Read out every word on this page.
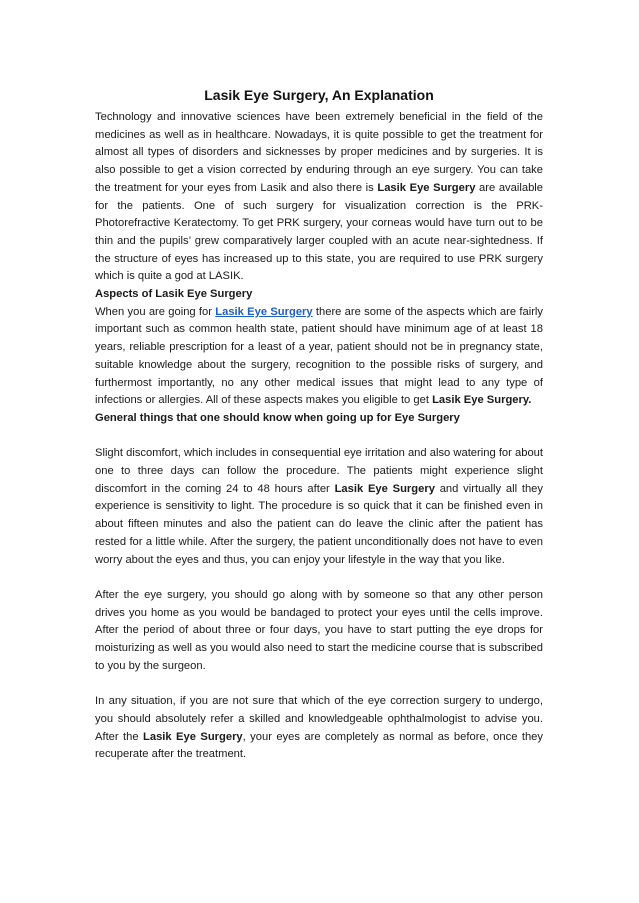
Lasik Eye Surgery, An Explanation

Technology and innovative sciences have been extremely beneficial in the field of the medicines as well as in healthcare. Nowadays, it is quite possible to get the treatment for almost all types of disorders and sicknesses by proper medicines and by surgeries. It is also possible to get a vision corrected by enduring through an eye surgery. You can take the treatment for your eyes from Lasik and also there is Lasik Eye Surgery are available for the patients. One of such surgery for visualization correction is the PRK- Photorefractive Keratectomy. To get PRK surgery, your corneas would have turn out to be thin and the pupils’ grew comparatively larger coupled with an acute near-sightedness. If the structure of eyes has increased up to this state, you are required to use PRK surgery which is quite a god at LASIK.

Aspects of Lasik Eye Surgery

When you are going for Lasik Eye Surgery there are some of the aspects which are fairly important such as common health state, patient should have minimum age of at least 18 years, reliable prescription for a least of a year, patient should not be in pregnancy state, suitable knowledge about the surgery, recognition to the possible risks of surgery, and furthermost importantly, no any other medical issues that might lead to any type of infections or allergies. All of these aspects makes you eligible to get Lasik Eye Surgery.

General things that one should know when going up for Eye Surgery

Slight discomfort, which includes in consequential eye irritation and also watering for about one to three days can follow the procedure. The patients might experience slight discomfort in the coming 24 to 48 hours after Lasik Eye Surgery and virtually all they experience is sensitivity to light. The procedure is so quick that it can be finished even in about fifteen minutes and also the patient can do leave the clinic after the patient has rested for a little while. After the surgery, the patient unconditionally does not have to even worry about the eyes and thus, you can enjoy your lifestyle in the way that you like.

After the eye surgery, you should go along with by someone so that any other person drives you home as you would be bandaged to protect your eyes until the cells improve. After the period of about three or four days, you have to start putting the eye drops for moisturizing as well as you would also need to start the medicine course that is subscribed to you by the surgeon.

In any situation, if you are not sure that which of the eye correction surgery to undergo, you should absolutely refer a skilled and knowledgeable ophthalmologist to advise you. After the Lasik Eye Surgery, your eyes are completely as normal as before, once they recuperate after the treatment.
